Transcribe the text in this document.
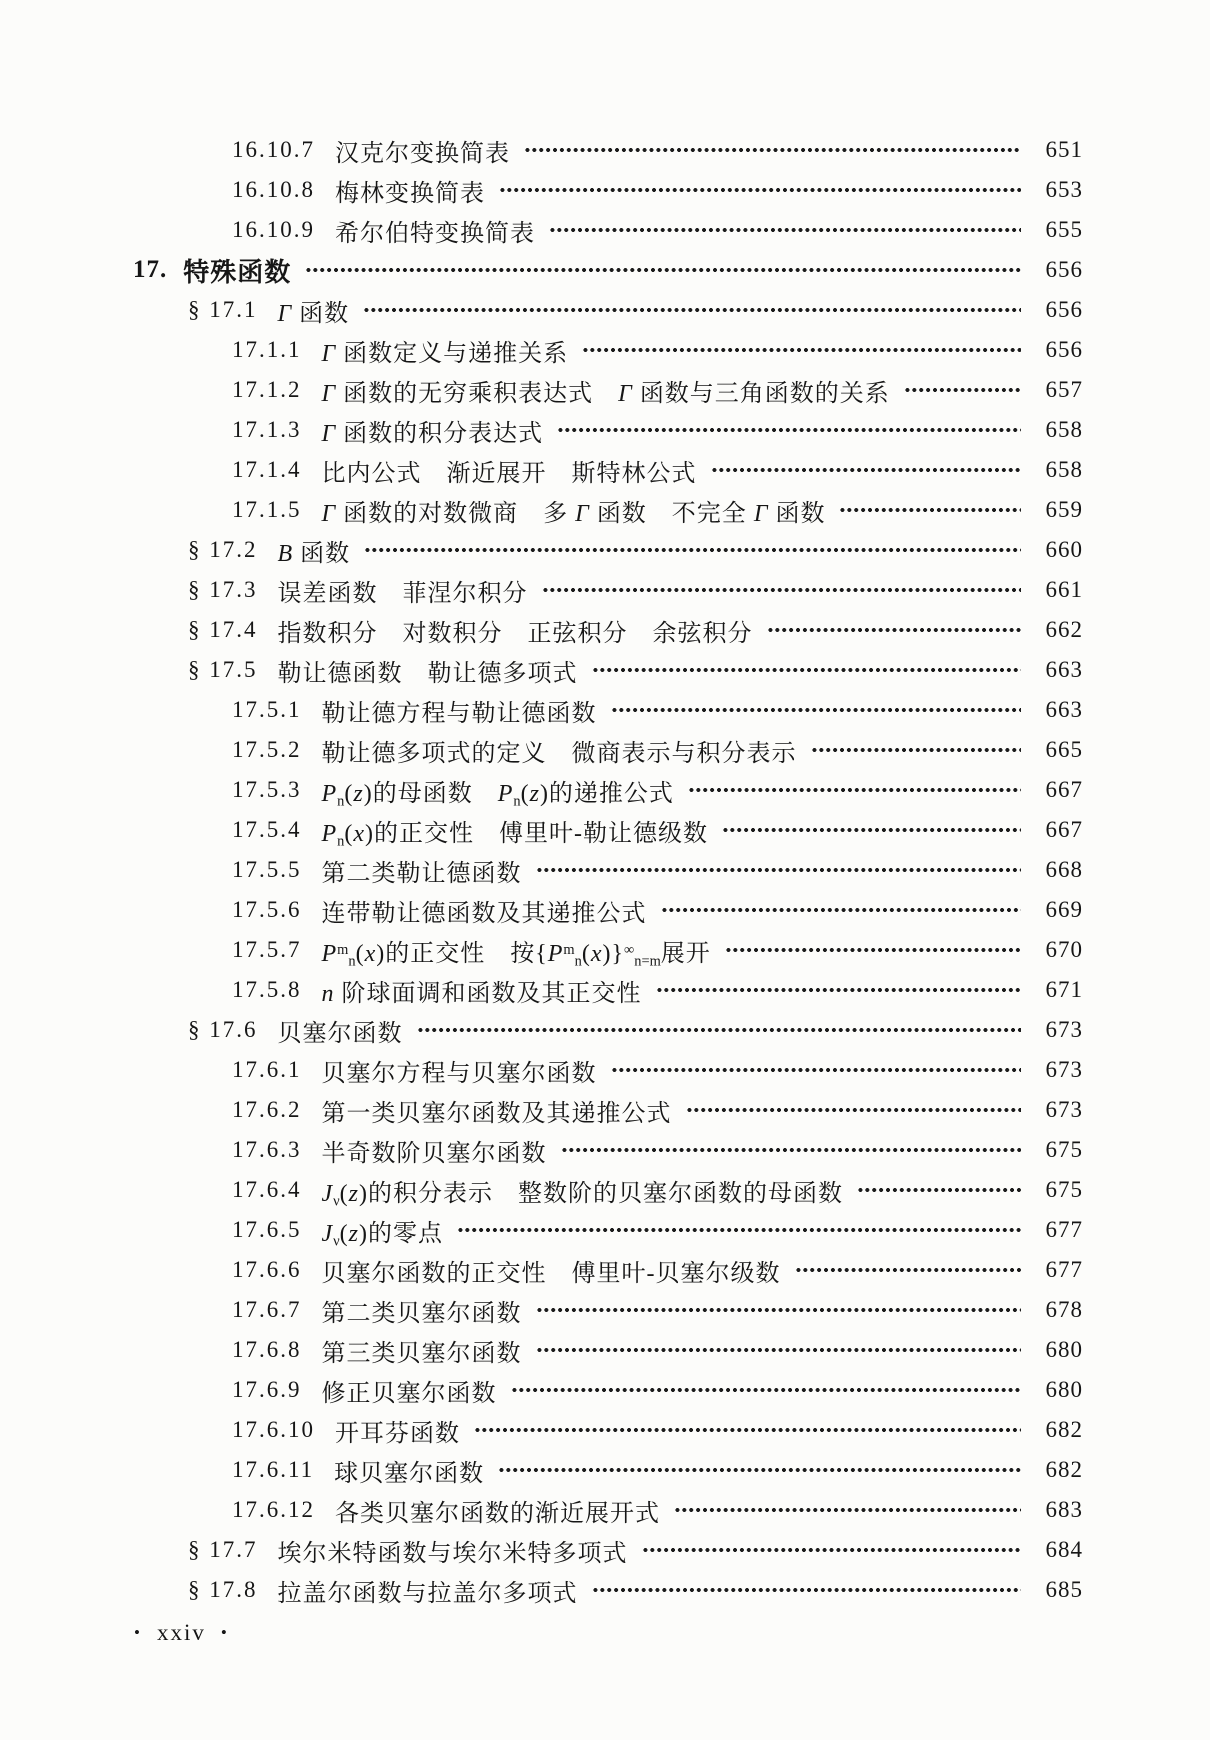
16.10.7 汉克尔变换简表	651
16.10.8 梅林变换简表	653
16.10.9 希尔伯特变换简表	655
17. 特殊函数	656
§ 17.1 Γ 函数	656
17.1.1 Γ 函数定义与递推关系	656
17.1.2 Γ 函数的无穷乘积表达式　Γ 函数与三角函数的关系	657
17.1.3 Γ 函数的积分表达式	658
17.1.4 比内公式　渐近展开　斯特林公式	658
17.1.5 Γ 函数的对数微商　多 Γ 函数　不完全 Γ 函数	659
§ 17.2 B 函数	660
§ 17.3 误差函数　菲涅尔积分	661
§ 17.4 指数积分　对数积分　正弦积分　余弦积分	662
§ 17.5 勒让德函数　勒让德多项式	663
17.5.1 勒让德方程与勒让德函数	663
17.5.2 勒让德多项式的定义　微商表示与积分表示	665
17.5.3 $P_n(z)$的母函数　$P_n(z)$的递推公式	667
17.5.4 $P_n(x)$的正交性　傅里叶-勒让德级数	667
17.5.5 第二类勒让德函数	668
17.5.6 连带勒让德函数及其递推公式	669
17.5.7 $P^m_n(x)$的正交性　按$\{P^m_n(x)\}^\infty_{n=m}$展开	670
17.5.8 n 阶球面调和函数及其正交性	671
§ 17.6 贝塞尔函数	673
17.6.1 贝塞尔方程与贝塞尔函数	673
17.6.2 第一类贝塞尔函数及其递推公式	673
17.6.3 半奇数阶贝塞尔函数	675
17.6.4 $J_\nu(z)$的积分表示　整数阶的贝塞尔函数的母函数	675
17.6.5 $J_\nu(z)$的零点	677
17.6.6 贝塞尔函数的正交性　傅里叶-贝塞尔级数	677
17.6.7 第二类贝塞尔函数	678
17.6.8 第三类贝塞尔函数	680
17.6.9 修正贝塞尔函数	680
17.6.10 开耳芬函数	682
17.6.11 球贝塞尔函数	682
17.6.12 各类贝塞尔函数的渐近展开式	683
§ 17.7 埃尔米特函数与埃尔米特多项式	684
§ 17.8 拉盖尔函数与拉盖尔多项式	685
• xxiv •
